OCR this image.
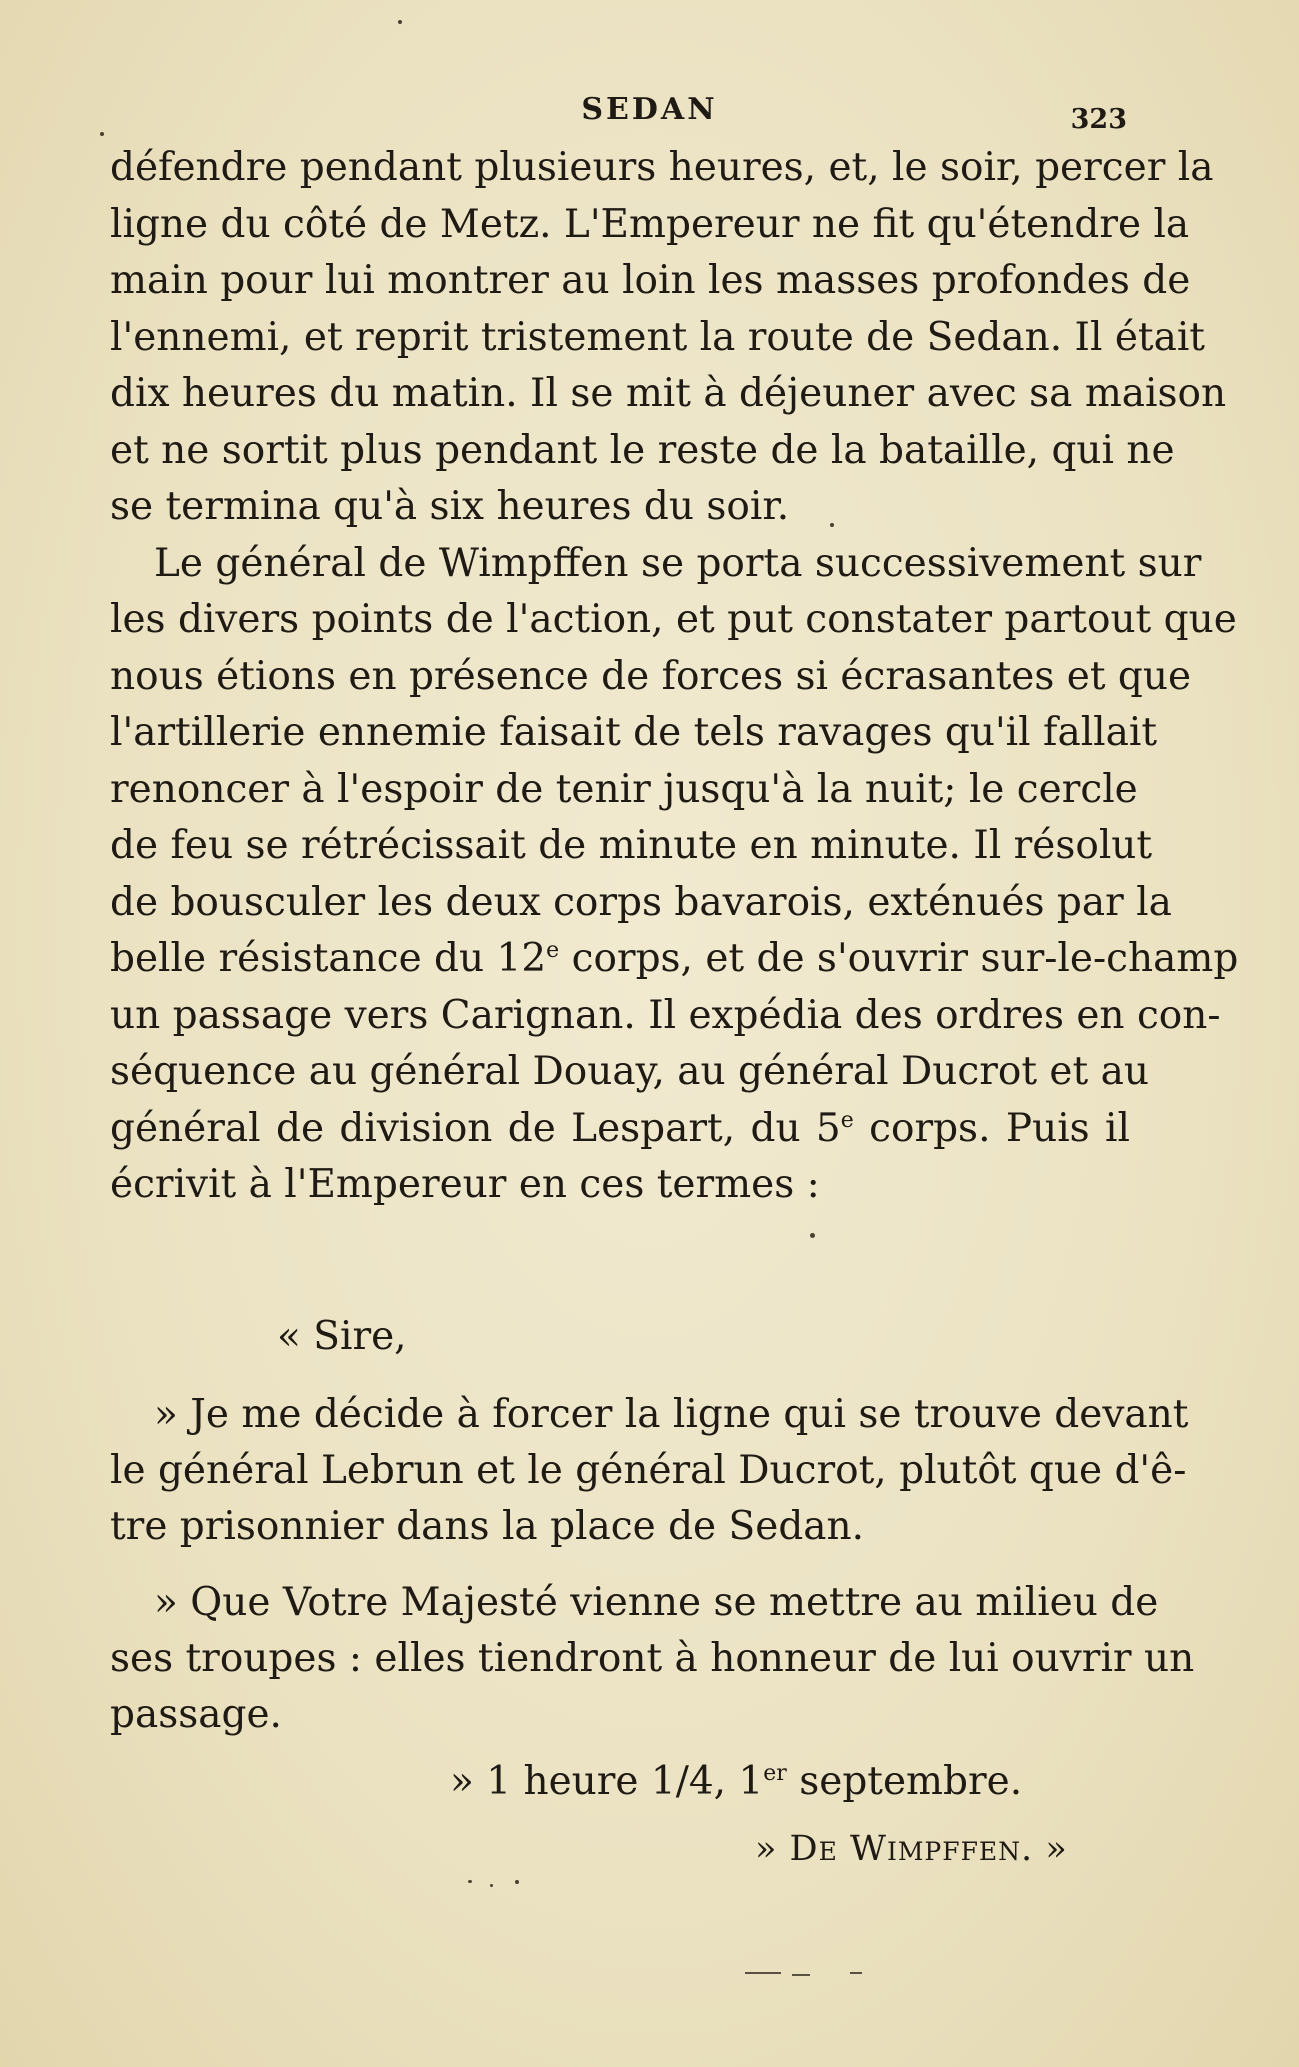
SEDAN	323
défendre pendant plusieurs heures, et, le soir, percer la
ligne du côté de Metz. L'Empereur ne fit qu'étendre la
main pour lui montrer au loin les masses profondes de
l'ennemi, et reprit tristement la route de Sedan. Il était
dix heures du matin. Il se mit à déjeuner avec sa maison
et ne sortit plus pendant le reste de la bataille, qui ne
se termina qu'à six heures du soir.
Le général de Wimpffen se porta successivement sur
les divers points de l'action, et put constater partout que
nous étions en présence de forces si écrasantes et que
l'artillerie ennemie faisait de tels ravages qu'il fallait
renoncer à l'espoir de tenir jusqu'à la nuit; le cercle
de feu se rétrécissait de minute en minute. Il résolut
de bousculer les deux corps bavarois, exténués par la
belle résistance du 12e corps, et de s'ouvrir sur-le-champ
un passage vers Carignan. Il expédia des ordres en con-
séquence au général Douay, au général Ducrot et au
général de division de Lespart, du 5e corps. Puis il
écrivit à l'Empereur en ces termes :
« Sire,
» Je me décide à forcer la ligne qui se trouve devant
le général Lebrun et le général Ducrot, plutôt que d'ê-
tre prisonnier dans la place de Sedan.
» Que Votre Majesté vienne se mettre au milieu de
ses troupes : elles tiendront à honneur de lui ouvrir un
passage.
» 1 heure 1/4, 1er septembre.
» De Wimpffen. »
